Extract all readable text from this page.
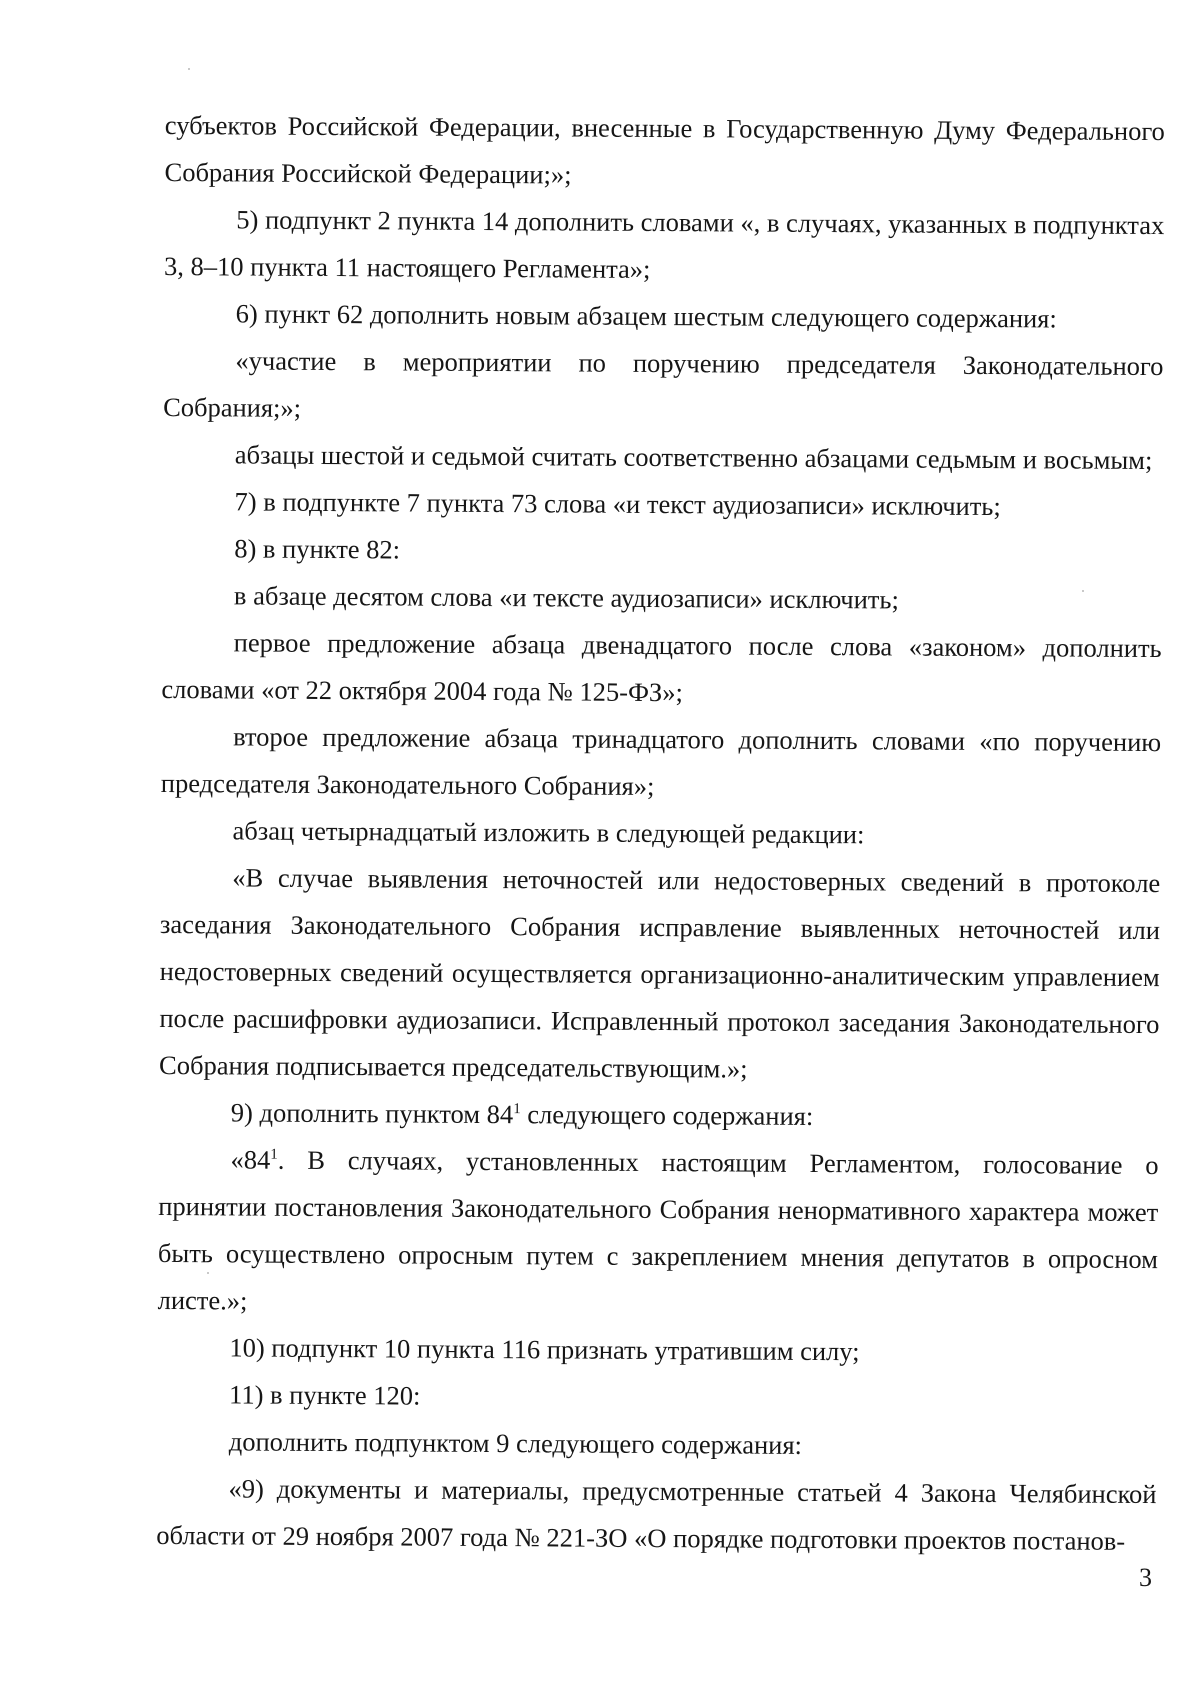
субъектов Российской Федерации, внесенные в Государственную Думу Федерального Собрания Российской Федерации;»;

5) подпункт 2 пункта 14 дополнить словами «, в случаях, указанных в подпунктах 3, 8–10 пункта 11 настоящего Регламента»;

6) пункт 62 дополнить новым абзацем шестым следующего содержания:

«участие в мероприятии по поручению председателя Законодательного Собрания;»;

абзацы шестой и седьмой считать соответственно абзацами седьмым и восьмым;

7) в подпункте 7 пункта 73 слова «и текст аудиозаписи» исключить;

8) в пункте 82:

в абзаце десятом слова «и тексте аудиозаписи» исключить;

первое предложение абзаца двенадцатого после слова «законом» дополнить словами «от 22 октября 2004 года № 125-ФЗ»;

второе предложение абзаца тринадцатого дополнить словами «по поручению председателя Законодательного Собрания»;

абзац четырнадцатый изложить в следующей редакции:

«В случае выявления неточностей или недостоверных сведений в протоколе заседания Законодательного Собрания исправление выявленных неточностей или недостоверных сведений осуществляется организационно-аналитическим управлением после расшифровки аудиозаписи. Исправленный протокол заседания Законодательного Собрания подписывается председательствующим.»;

9) дополнить пунктом $84^1$ следующего содержания:

«$84^1$. В случаях, установленных настоящим Регламентом, голосование о принятии постановления Законодательного Собрания ненормативного характера может быть осуществлено опросным путем с закреплением мнения депутатов в опросном листе.»;

10) подпункт 10 пункта 116 признать утратившим силу;

11) в пункте 120:

дополнить подпунктом 9 следующего содержания:

«9) документы и материалы, предусмотренные статьей 4 Закона Челябинской области от 29 ноября 2007 года № 221-ЗО «О порядке подготовки проектов постанов-

3
